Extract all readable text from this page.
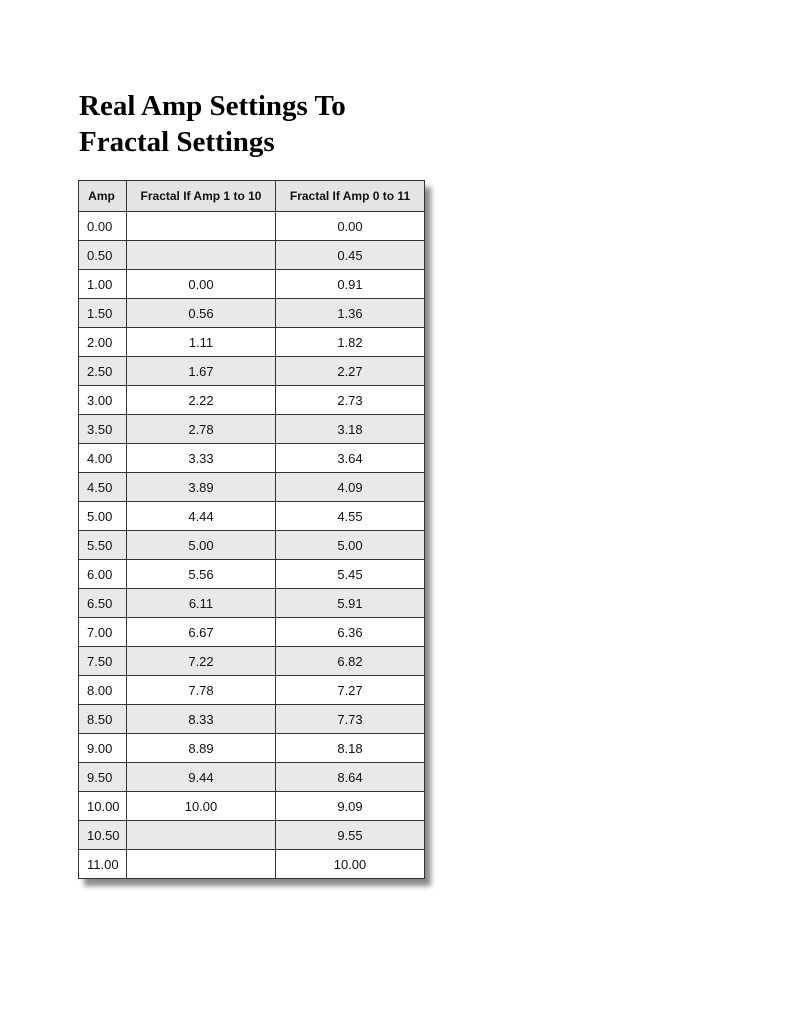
Real Amp Settings To
Fractal Settings
Amp	Fractal If Amp 1 to 10	Fractal If Amp 0 to 11
0.00		0.00
0.50		0.45
1.00	0.00	0.91
1.50	0.56	1.36
2.00	1.11	1.82
2.50	1.67	2.27
3.00	2.22	2.73
3.50	2.78	3.18
4.00	3.33	3.64
4.50	3.89	4.09
5.00	4.44	4.55
5.50	5.00	5.00
6.00	5.56	5.45
6.50	6.11	5.91
7.00	6.67	6.36
7.50	7.22	6.82
8.00	7.78	7.27
8.50	8.33	7.73
9.00	8.89	8.18
9.50	9.44	8.64
10.00	10.00	9.09
10.50		9.55
11.00		10.00
